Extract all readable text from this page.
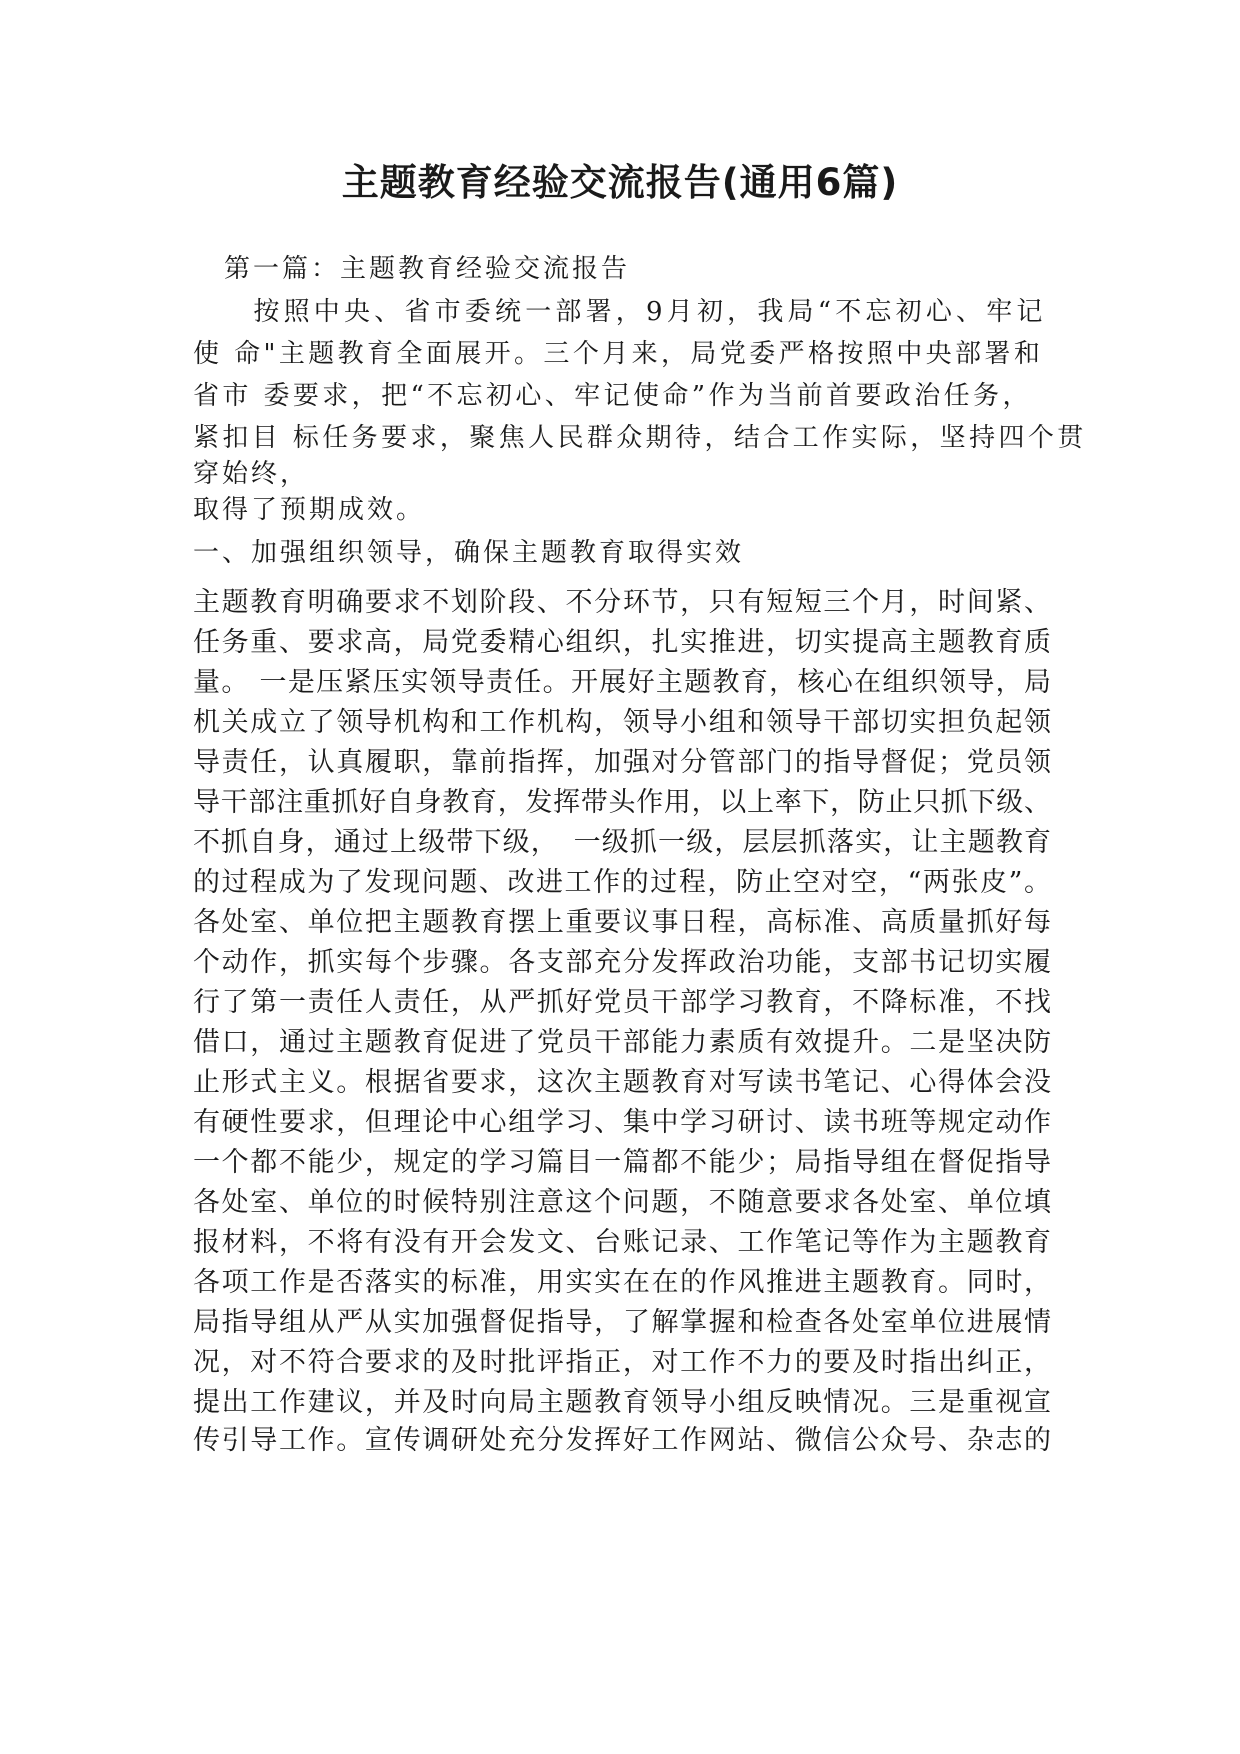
主题教育经验交流报告(通用6篇)
第一篇：主题教育经验交流报告
　　按照中央、省市委统一部署，9月初，我局“不忘初心、牢记
使 命"主题教育全面展开。三个月来，局党委严格按照中央部署和
省市 委要求，把“不忘初心、牢记使命”作为当前首要政治任务，
紧扣目 标任务要求，聚焦人民群众期待，结合工作实际，坚持四个贯
穿始终，
取得了预期成效。
一、加强组织领导，确保主题教育取得实效
主题教育明确要求不划阶段、不分环节，只有短短三个月，时间紧、
任务重、要求高，局党委精心组织，扎实推进，切实提高主题教育质
量。 一是压紧压实领导责任。开展好主题教育，核心在组织领导，局
机关成立了领导机构和工作机构，领导小组和领导干部切实担负起领
导责任，认真履职，靠前指挥，加强对分管部门的指导督促；党员领
导干部注重抓好自身教育，发挥带头作用，以上率下，防止只抓下级、
不抓自身，通过上级带下级，　一级抓一级，层层抓落实，让主题教育
的过程成为了发现问题、改进工作的过程，防止空对空，“两张皮”。
各处室、单位把主题教育摆上重要议事日程，高标准、高质量抓好每
个动作，抓实每个步骤。各支部充分发挥政治功能，支部书记切实履
行了第一责任人责任，从严抓好党员干部学习教育，不降标准，不找
借口，通过主题教育促进了党员干部能力素质有效提升。二是坚决防
止形式主义。根据省要求，这次主题教育对写读书笔记、心得体会没
有硬性要求，但理论中心组学习、集中学习研讨、读书班等规定动作
一个都不能少，规定的学习篇目一篇都不能少；局指导组在督促指导
各处室、单位的时候特别注意这个问题，不随意要求各处室、单位填
报材料，不将有没有开会发文、台账记录、工作笔记等作为主题教育
各项工作是否落实的标准，用实实在在的作风推进主题教育。同时，
局指导组从严从实加强督促指导，了解掌握和检查各处室单位进展情
况，对不符合要求的及时批评指正，对工作不力的要及时指出纠正，
提出工作建议，并及时向局主题教育领导小组反映情况。三是重视宣
传引导工作。宣传调研处充分发挥好工作网站、微信公众号、杂志的
